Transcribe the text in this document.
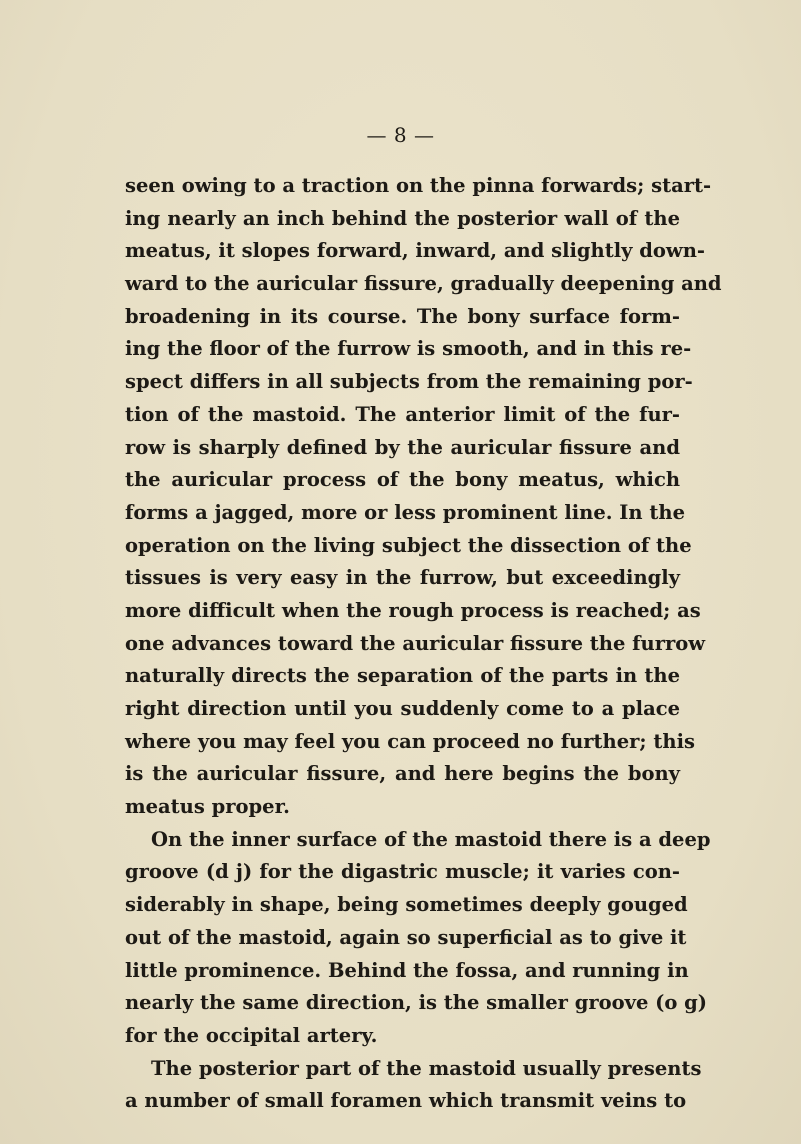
— 8 —
seen owing to a traction on the pinna forwards; start-
ing nearly an inch behind the posterior wall of the
meatus, it slopes forward, inward, and slightly down-
ward to the auricular fissure, gradually deepening and
broadening in its course. The bony surface form-
ing the floor of the furrow is smooth, and in this re-
spect differs in all subjects from the remaining por-
tion of the mastoid. The anterior limit of the fur-
row is sharply defined by the auricular fissure and
the auricular process of the bony meatus, which
forms a jagged, more or less prominent line. In the
operation on the living subject the dissection of the
tissues is very easy in the furrow, but exceedingly
more difficult when the rough process is reached; as
one advances toward the auricular fissure the furrow
naturally directs the separation of the parts in the
right direction until you suddenly come to a place
where you may feel you can proceed no further; this
is the auricular fissure, and here begins the bony
meatus proper.
On the inner surface of the mastoid there is a deep
groove (d j) for the digastric muscle; it varies con-
siderably in shape, being sometimes deeply gouged
out of the mastoid, again so superficial as to give it
little prominence. Behind the fossa, and running in
nearly the same direction, is the smaller groove (o g)
for the occipital artery.
The posterior part of the mastoid usually presents
a number of small foramen which transmit veins to
